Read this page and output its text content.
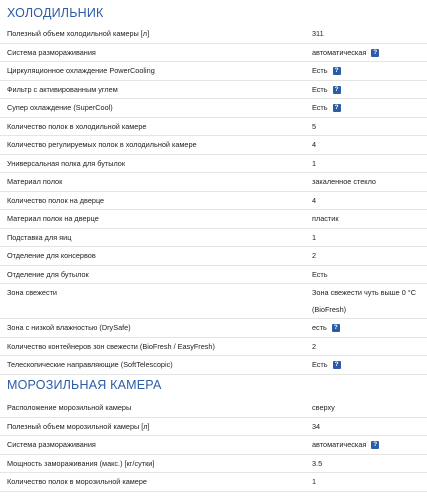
ХОЛОДИЛЬНИК
Полезный объем холодильной камеры [л]	311
Система размораживания	автоматическая ?
Циркуляционное охлаждение PowerCooling	Есть ?
Фильтр с активированным углем	Есть ?
Супер охлаждение (SuperCool)	Есть ?
Количество полок в холодильной камере	5
Количество регулируемых полок в холодильной камере	4
Универсальная полка для бутылок	1
Материал полок	закаленное стекло
Количество полок на дверце	4
Материал полок на дверце	пластик
Подставка для яиц	1
Отделение для консервов	2
Отделение для бутылок	Есть
Зона свежести	Зона свежести чуть выше 0 °C
(BioFresh)
Зона с низкой влажностью (DrySafe)	есть ?
Количество контейнеров зон свежести (BioFresh / EasyFresh)	2
Телескопические направляющие (SoftTelescopic)	Есть ?
МОРОЗИЛЬНАЯ КАМЕРА
Расположение морозильной камеры	сверху
Полезный объем морозильной камеры [л]	34
Система размораживания	автоматическая ?
Мощность замораживания (макс.) [кг/сутки]	3.5
Количество полок в морозильной камере	1
